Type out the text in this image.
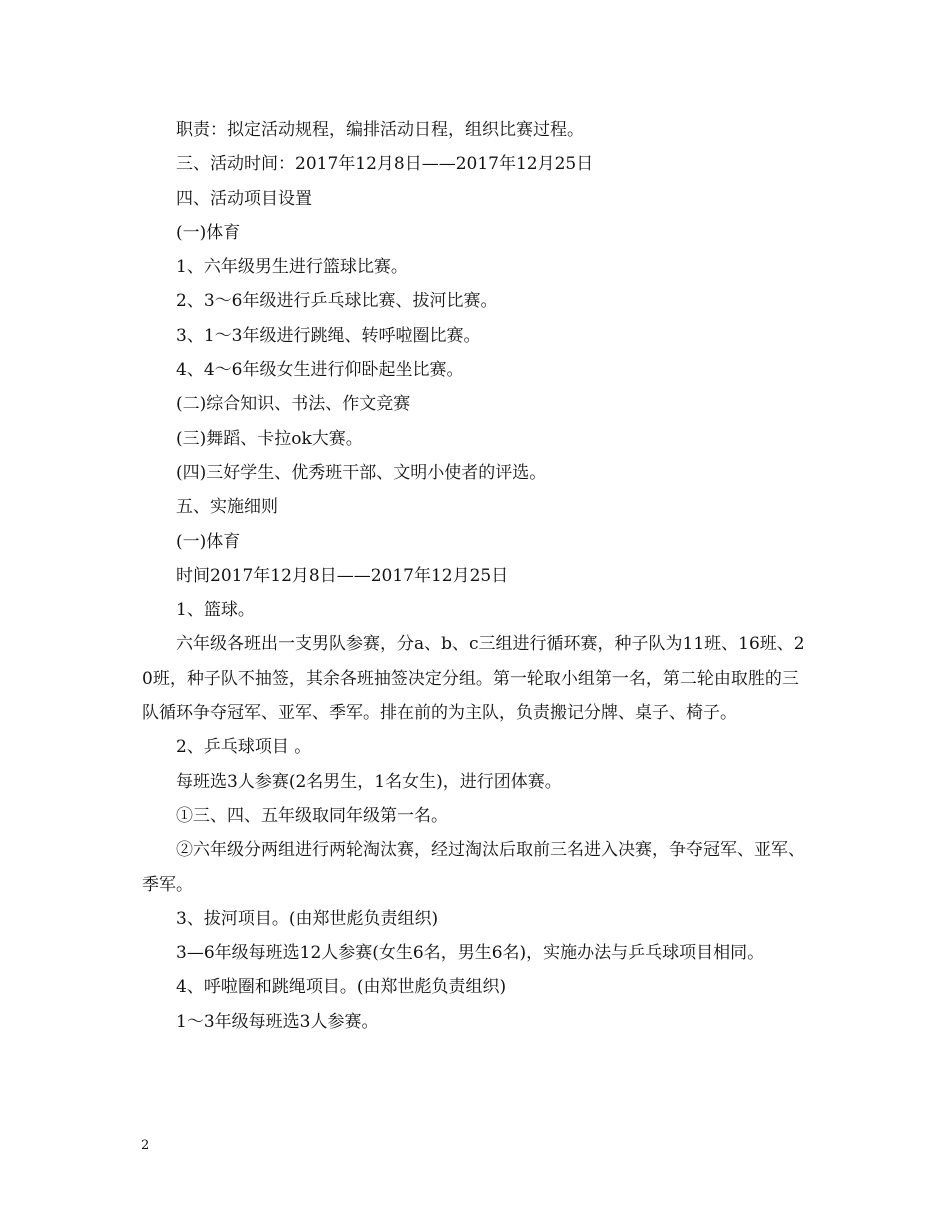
职责：拟定活动规程，编排活动日程，组织比赛过程。

三、活动时间：2017年12月8日——2017年12月25日

四、活动项目设置

(一)体育

1、六年级男生进行篮球比赛。

2、3～6年级进行乒乓球比赛、拔河比赛。

3、1～3年级进行跳绳、转呼啦圈比赛。

4、4～6年级女生进行仰卧起坐比赛。

(二)综合知识、书法、作文竞赛

(三)舞蹈、卡拉ok大赛。

(四)三好学生、优秀班干部、文明小使者的评选。

五、实施细则

(一)体育

时间2017年12月8日——2017年12月25日

1、篮球。

六年级各班出一支男队参赛，分a、b、c三组进行循环赛，种子队为11班、16班、20班，种子队不抽签，其余各班抽签决定分组。第一轮取小组第一名，第二轮由取胜的三队循环争夺冠军、亚军、季军。排在前的为主队，负责搬记分牌、桌子、椅子。

2、乒乓球项目 。

每班选3人参赛(2名男生，1名女生)，进行团体赛。

①三、四、五年级取同年级第一名。

②六年级分两组进行两轮淘汰赛，经过淘汰后取前三名进入决赛，争夺冠军、亚军、季军。

3、拔河项目。(由郑世彪负责组织)

3—6年级每班选12人参赛(女生6名，男生6名)，实施办法与乒乓球项目相同。

4、呼啦圈和跳绳项目。(由郑世彪负责组织)

1～3年级每班选3人参赛。

2
